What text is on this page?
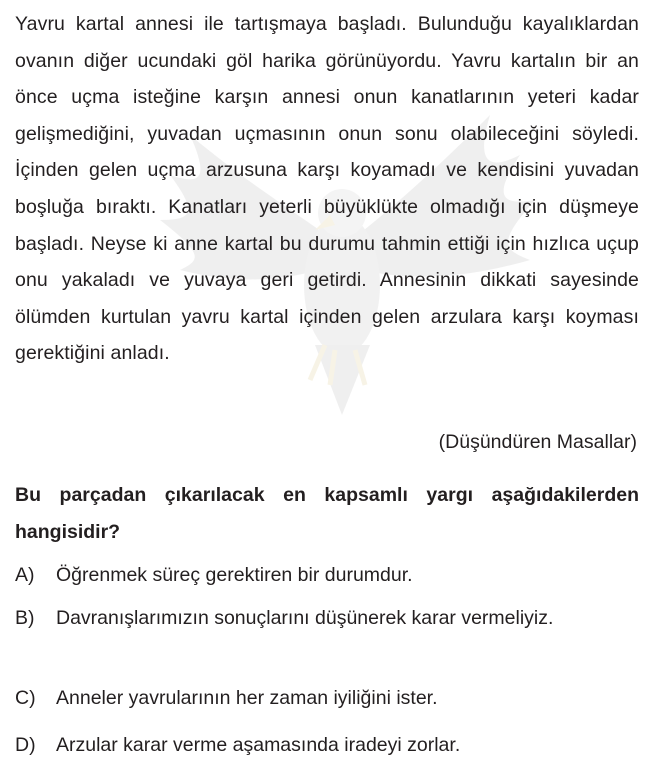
Yavru kartal annesi ile tartışmaya başladı. Bulunduğu kayalıklardan ovanın diğer ucundaki göl harika görünüyordu. Yavru kartalın bir an önce uçma isteğine karşın annesi onun kanatlarının yeteri kadar gelişmediğini, yuvadan uçmasının onun sonu olabileceğini söyledi. İçinden gelen uçma arzusuna karşı koyamadı ve kendisini yuvadan boşluğa bıraktı. Kanatları yeterli büyüklükte olmadığı için düşmeye başladı. Neyse ki anne kartal bu durumu tahmin ettiği için hızlıca uçup onu yakaladı ve yuvaya geri getirdi. Annesinin dikkati sayesinde ölümden kurtulan yavru kartal içinden gelen arzulara karşı koyması gerektiğini anladı.

(Düşündüren Masallar)

Bu parçadan çıkarılacak en kapsamlı yargı aşağıdakilerden hangisidir?

A)	Öğrenmek süreç gerektiren bir durumdur.
B)	Davranışlarımızın sonuçlarını düşünerek karar vermeliyiz.
C)	Anneler yavrularının her zaman iyiliğini ister.
D)	Arzular karar verme aşamasında iradeyi zorlar.
